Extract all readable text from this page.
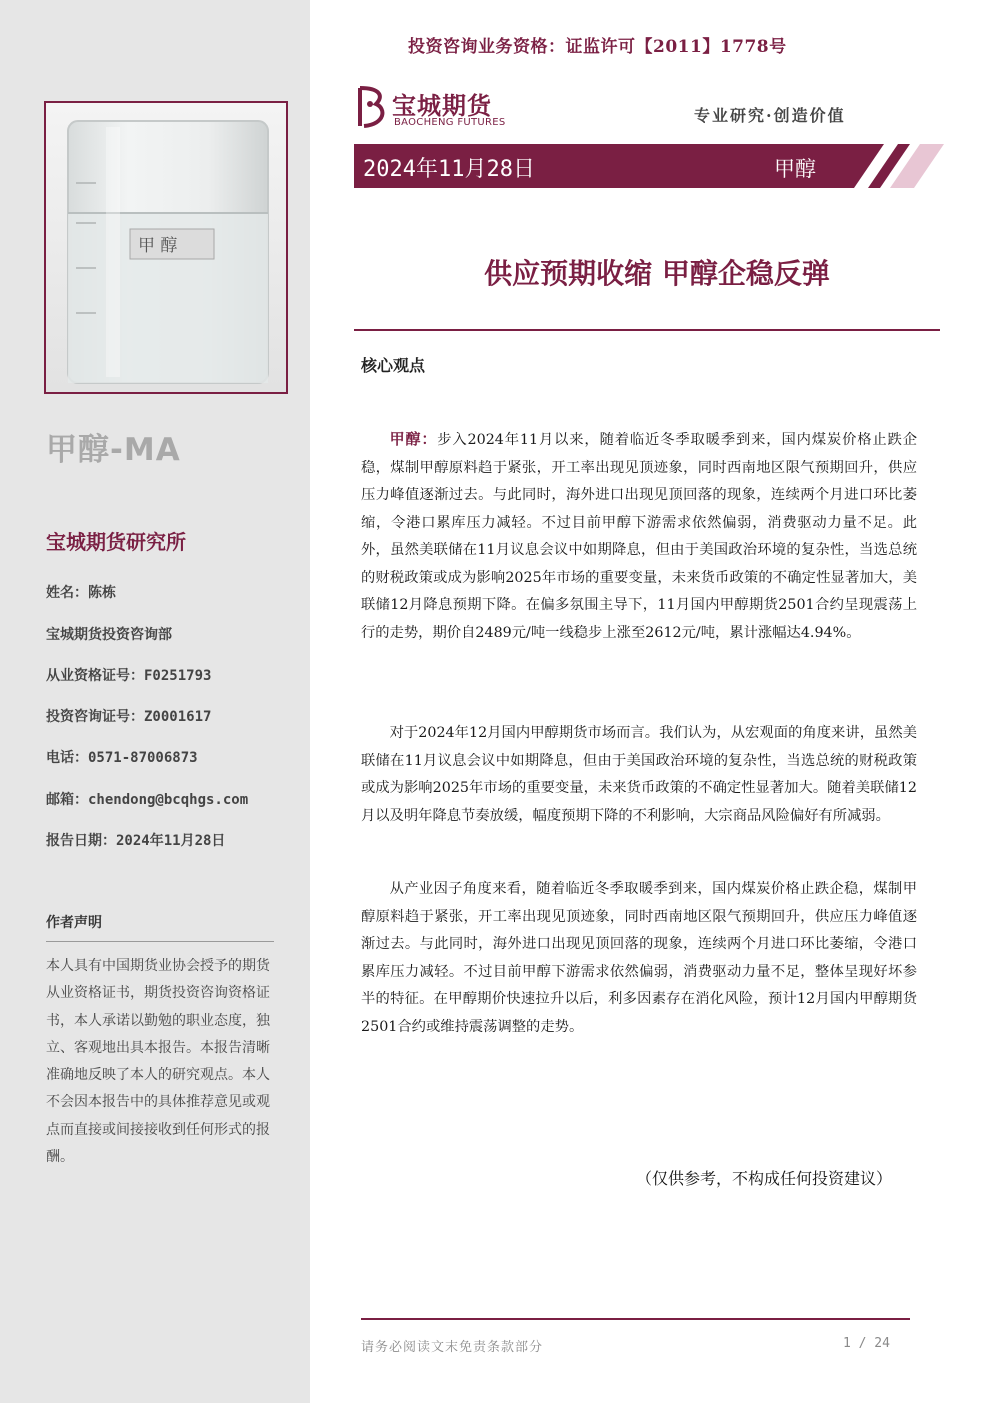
甲 醇
甲醇-MA
宝城期货研究所
姓名：陈栋
宝城期货投资咨询部
从业资格证号：F0251793
投资咨询证号：Z0001617
电话：0571-87006873
邮箱：chendong@bcqhgs.com
报告日期：2024年11月28日
作者声明
本人具有中国期货业协会授予的期货从业资格证书，期货投资咨询资格证书，本人承诺以勤勉的职业态度，独立、客观地出具本报告。本报告清晰准确地反映了本人的研究观点。本人不会因本报告中的具体推荐意见或观点而直接或间接接收到任何形式的报酬。
投资咨询业务资格：证监许可【2011】1778号
宝城期货
BAOCHENG FUTURES	专业研究·创造价值
2024年11月28日	甲醇
供应预期收缩 甲醇企稳反弹
核心观点

甲醇：步入2024年11月以来，随着临近冬季取暖季到来，国内煤炭价格止跌企稳，煤制甲醇原料趋于紧张，开工率出现见顶迹象，同时西南地区限气预期回升，供应压力峰值逐渐过去。与此同时，海外进口出现见顶回落的现象，连续两个月进口环比萎缩，令港口累库压力减轻。不过目前甲醇下游需求依然偏弱，消费驱动力量不足。此外，虽然美联储在11月议息会议中如期降息，但由于美国政治环境的复杂性，当选总统的财税政策或成为影响2025年市场的重要变量，未来货币政策的不确定性显著加大，美联储12月降息预期下降。在偏多氛围主导下，11月国内甲醇期货2501合约呈现震荡上行的走势，期价自2489元/吨一线稳步上涨至2612元/吨，累计涨幅达4.94%。

对于2024年12月国内甲醇期货市场而言。我们认为，从宏观面的角度来讲，虽然美联储在11月议息会议中如期降息，但由于美国政治环境的复杂性，当选总统的财税政策或成为影响2025年市场的重要变量，未来货币政策的不确定性显著加大。随着美联储12月以及明年降息节奏放缓，幅度预期下降的不利影响，大宗商品风险偏好有所减弱。

从产业因子角度来看，随着临近冬季取暖季到来，国内煤炭价格止跌企稳，煤制甲醇原料趋于紧张，开工率出现见顶迹象，同时西南地区限气预期回升，供应压力峰值逐渐过去。与此同时，海外进口出现见顶回落的现象，连续两个月进口环比萎缩，令港口累库压力减轻。不过目前甲醇下游需求依然偏弱，消费驱动力量不足，整体呈现好坏参半的特征。在甲醇期价快速拉升以后，利多因素存在消化风险，预计12月国内甲醇期货2501合约或维持震荡调整的走势。

（仅供参考，不构成任何投资建议）
请务必阅读文末免责条款部分	1 / 24
